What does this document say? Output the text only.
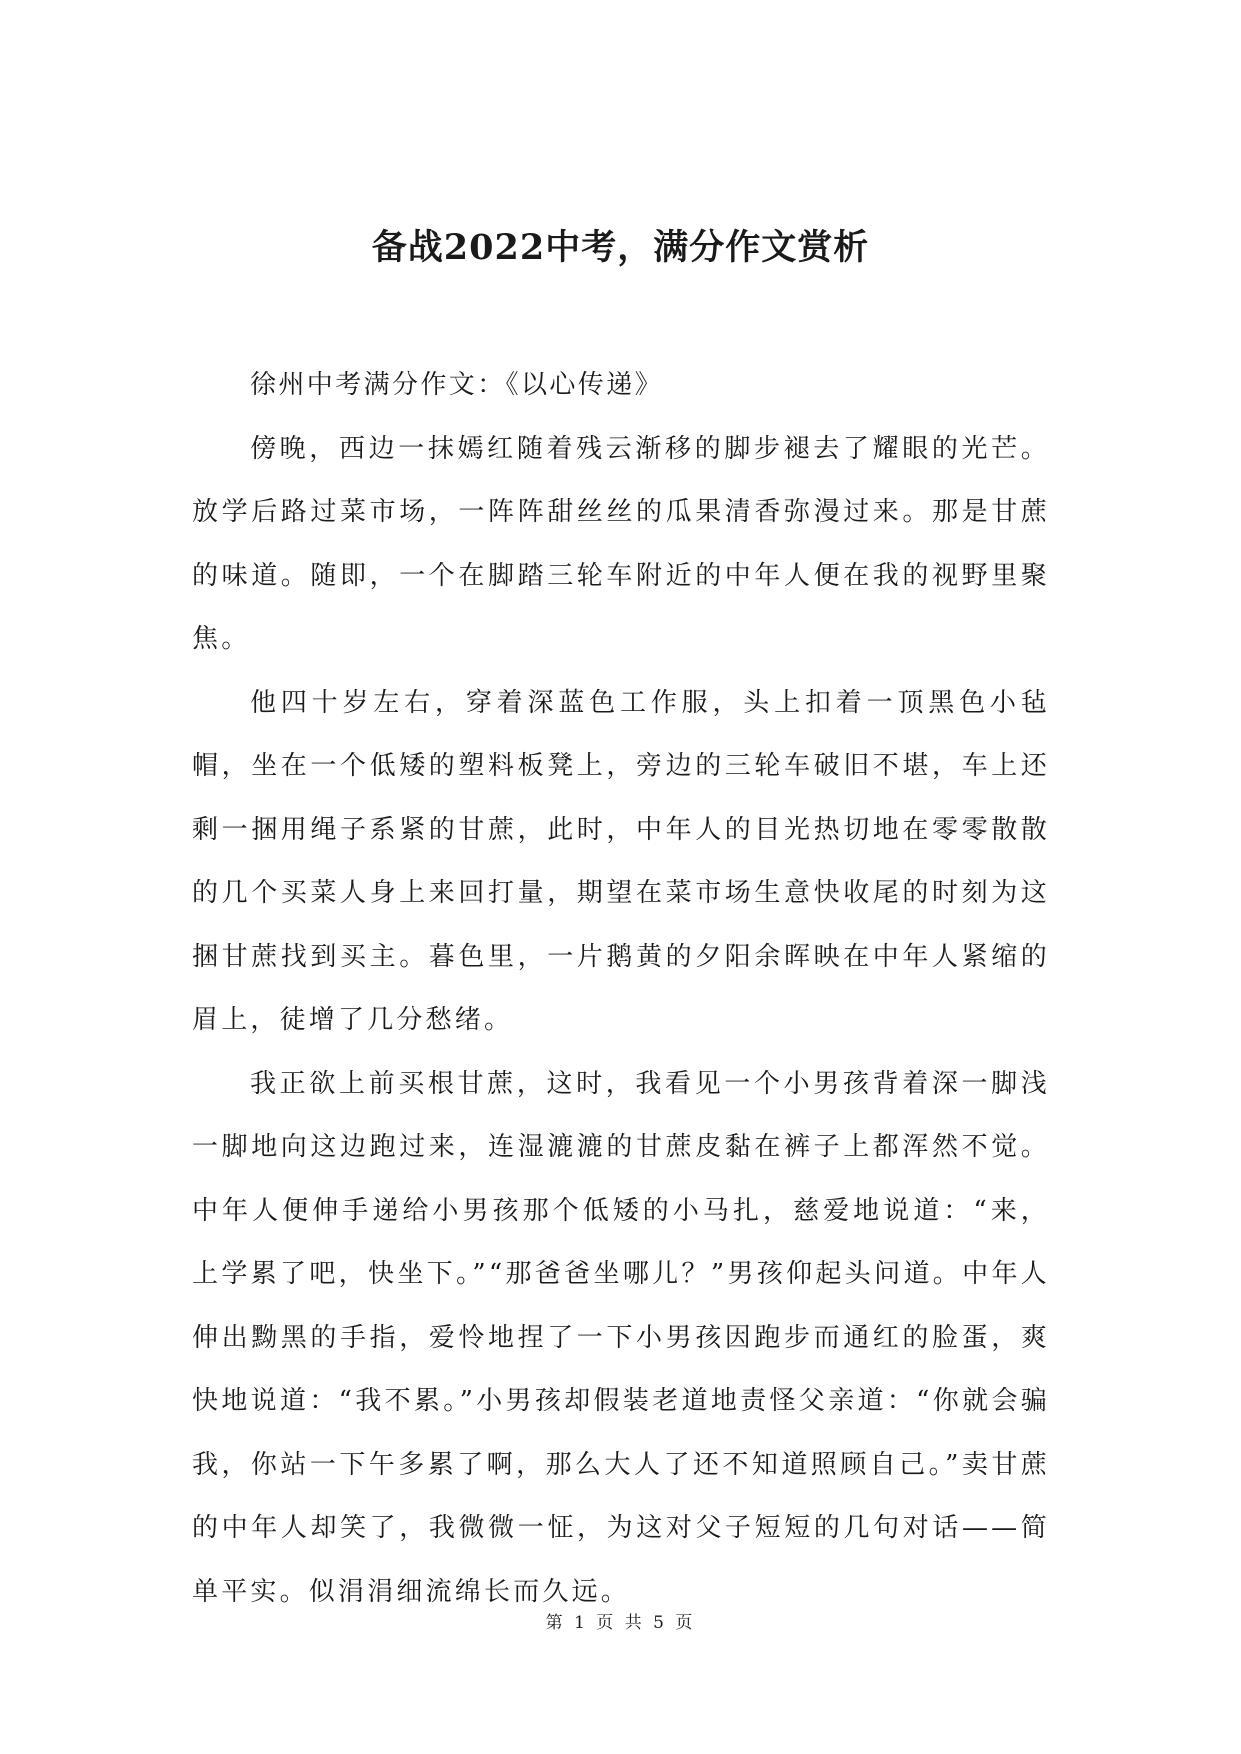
备战2022中考，满分作文赏析

徐州中考满分作文：《以心传递》

傍晚，西边一抹嫣红随着残云渐移的脚步褪去了耀眼的光芒。放学后路过菜市场，一阵阵甜丝丝的瓜果清香弥漫过来。那是甘蔗的味道。随即，一个在脚踏三轮车附近的中年人便在我的视野里聚焦。

他四十岁左右，穿着深蓝色工作服，头上扣着一顶黑色小毡帽，坐在一个低矮的塑料板凳上，旁边的三轮车破旧不堪，车上还剩一捆用绳子系紧的甘蔗，此时，中年人的目光热切地在零零散散的几个买菜人身上来回打量，期望在菜市场生意快收尾的时刻为这捆甘蔗找到买主。暮色里，一片鹅黄的夕阳余晖映在中年人紧缩的眉上，徒增了几分愁绪。

我正欲上前买根甘蔗，这时，我看见一个小男孩背着深一脚浅一脚地向这边跑过来，连湿漉漉的甘蔗皮黏在裤子上都浑然不觉。中年人便伸手递给小男孩那个低矮的小马扎，慈爱地说道：“来，上学累了吧，快坐下。”“那爸爸坐哪儿？”男孩仰起头问道。中年人伸出黝黑的手指，爱怜地捏了一下小男孩因跑步而通红的脸蛋，爽快地说道：“我不累。”小男孩却假装老道地责怪父亲道：“你就会骗我，你站一下午多累了啊，那么大人了还不知道照顾自己。”卖甘蔗的中年人却笑了，我微微一怔，为这对父子短短的几句对话——简单平实。似涓涓细流绵长而久远。

第 1 页 共 5 页
